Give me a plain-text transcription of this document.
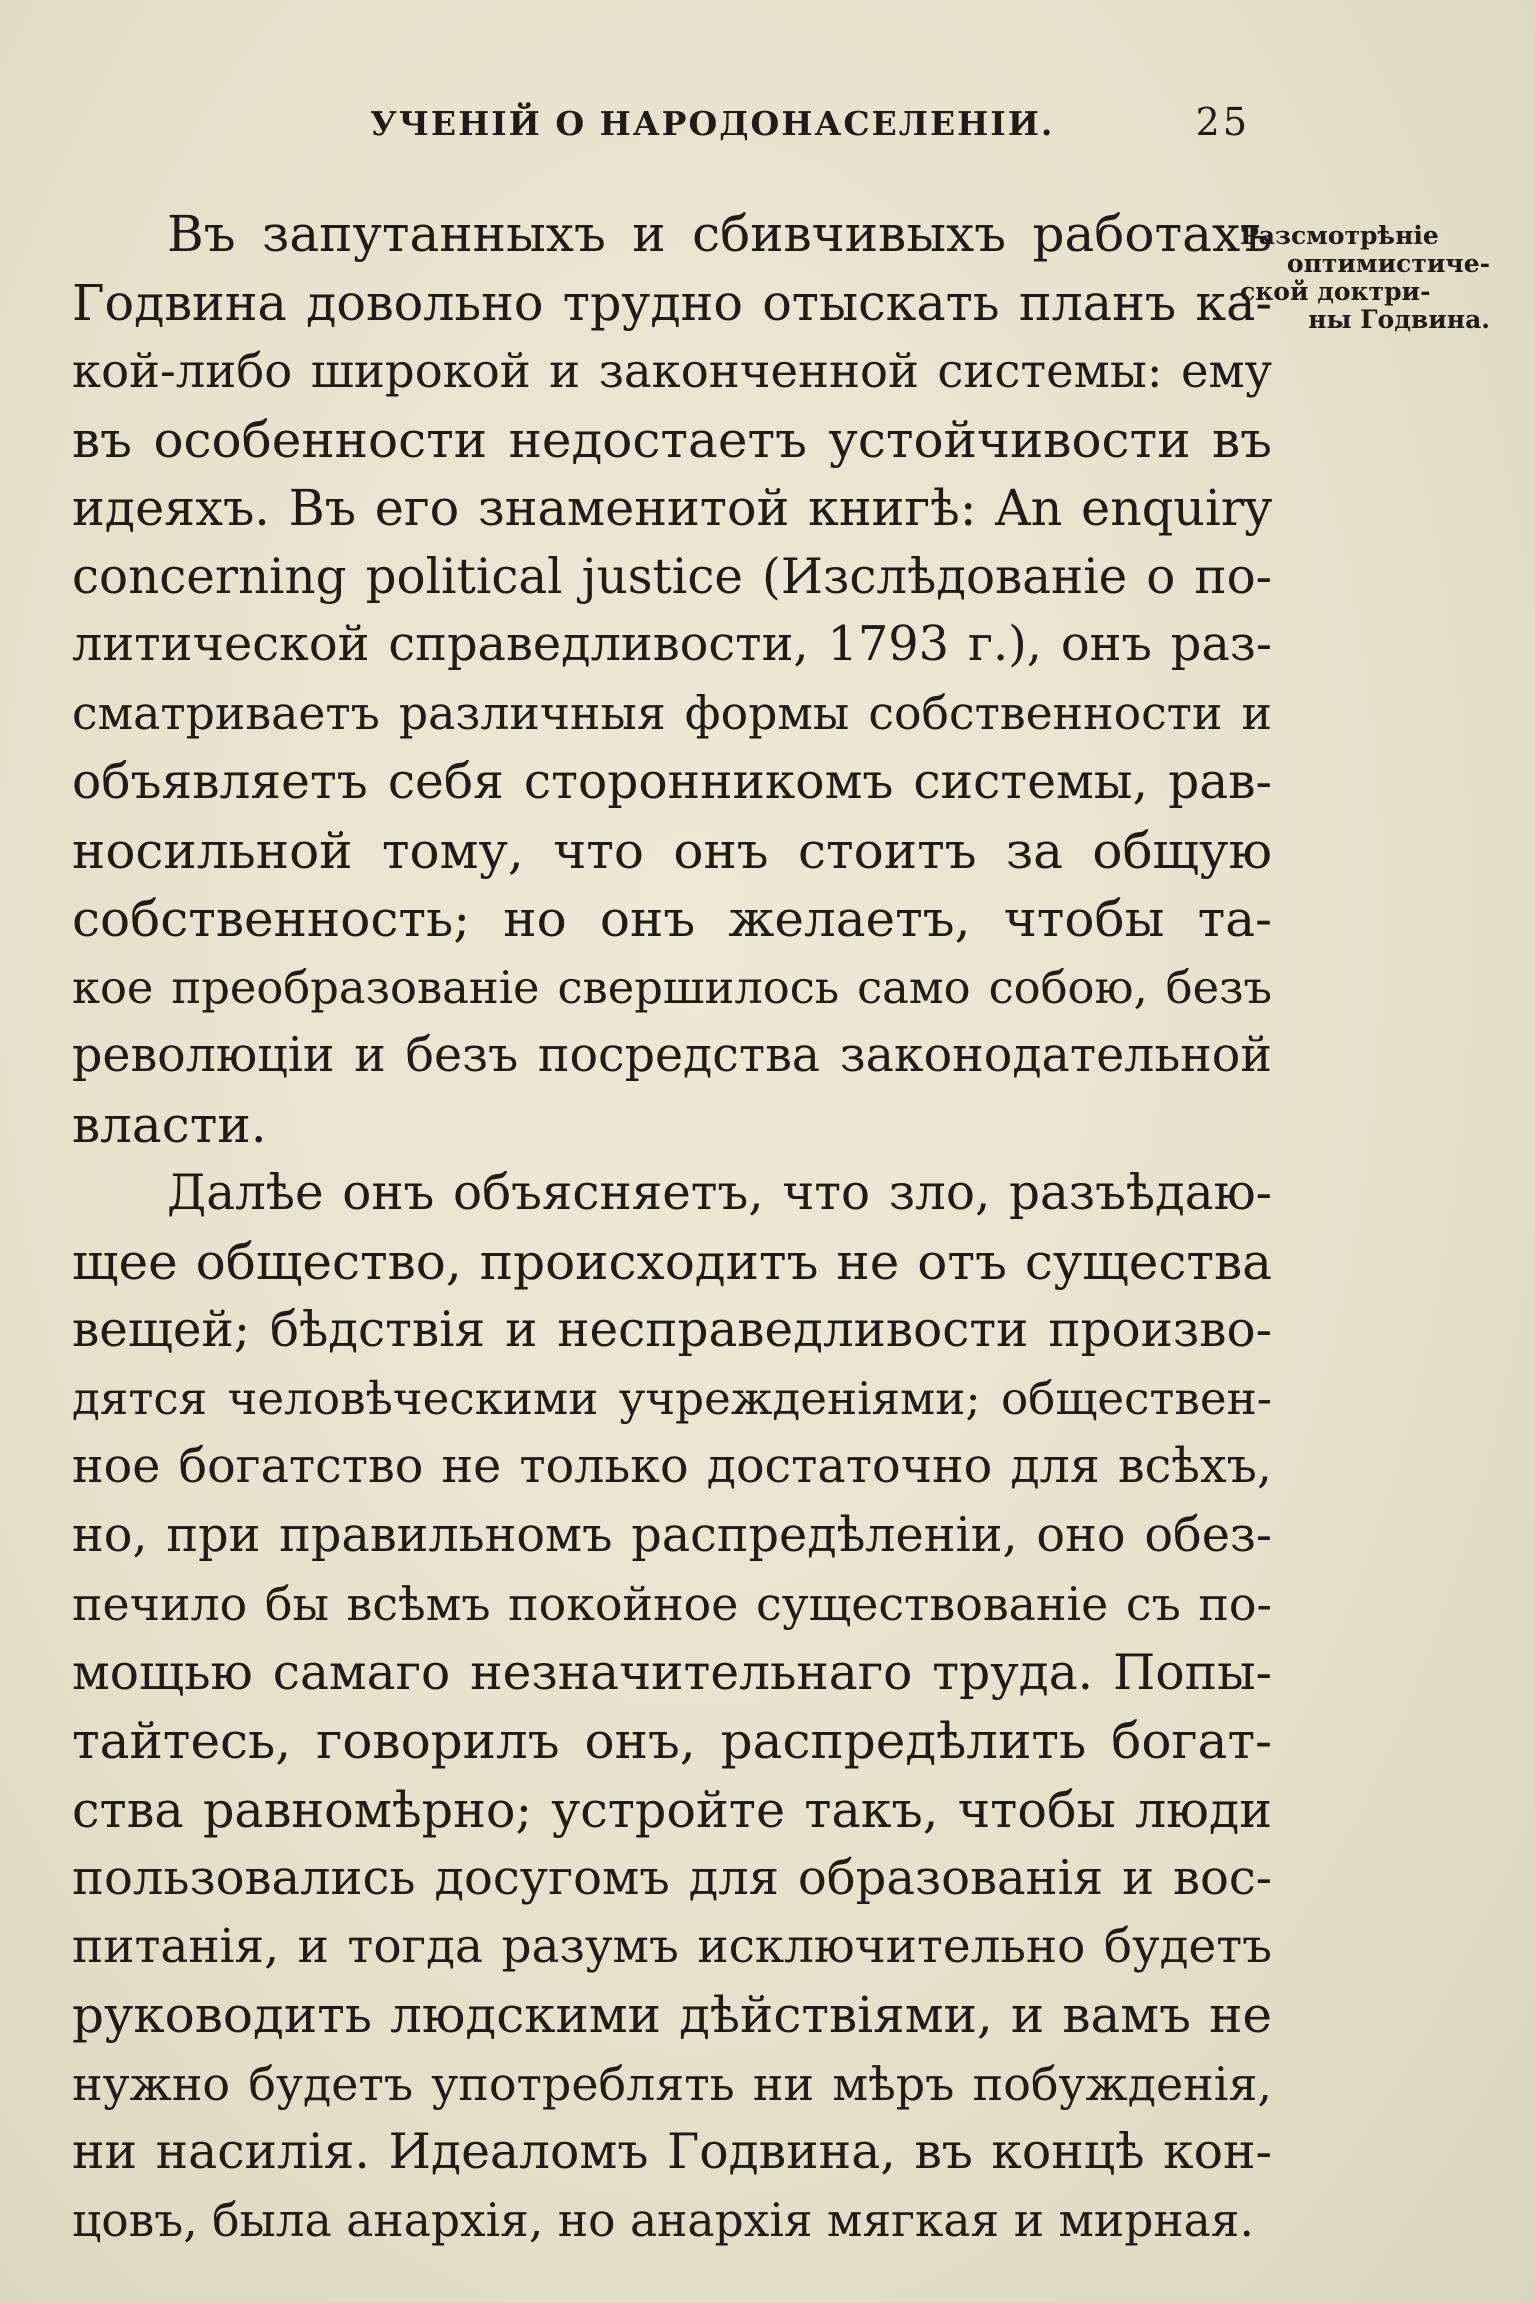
УЧЕНІЙ О НАРОДОНАСЕЛЕНІИ.	25
Разсмотрѣніе
оптимистиче-
ской доктри-
ны Годвина.
Въ запутанныхъ и сбивчивыхъ работахъ
Годвина довольно трудно отыскать планъ ка-
кой-либо широкой и законченной системы: ему
въ особенности недостаетъ устойчивости въ
идеяхъ. Въ его знаменитой книгѣ: An enquiry
concerning political justice (Изслѣдованіе о по-
литической справедливости, 1793 г.), онъ раз-
сматриваетъ различныя формы собственности и
объявляетъ себя сторонникомъ системы, рав-
носильной тому, что онъ стоитъ за общую
собственность; но онъ желаетъ, чтобы та-
кое преобразованіе свершилось само собою, безъ
революціи и безъ посредства законодательной
власти.
Далѣе онъ объясняетъ, что зло, разъѣдаю-
щее общество, происходитъ не отъ существа
вещей; бѣдствія и несправедливости произво-
дятся человѣческими учрежденіями; обществен-
ное богатство не только достаточно для всѣхъ,
но, при правильномъ распредѣленіи, оно обез-
печило бы всѣмъ покойное существованіе съ по-
мощью самаго незначительнаго труда. Попы-
тайтесь, говорилъ онъ, распредѣлить богат-
ства равномѣрно; устройте такъ, чтобы люди
пользовались досугомъ для образованія и вос-
питанія, и тогда разумъ исключительно будетъ
руководить людскими дѣйствіями, и вамъ не
нужно будетъ употреблять ни мѣръ побужденія,
ни насилія. Идеаломъ Годвина, въ концѣ кон-
цовъ, была анархія, но анархія мягкая и мирная.
